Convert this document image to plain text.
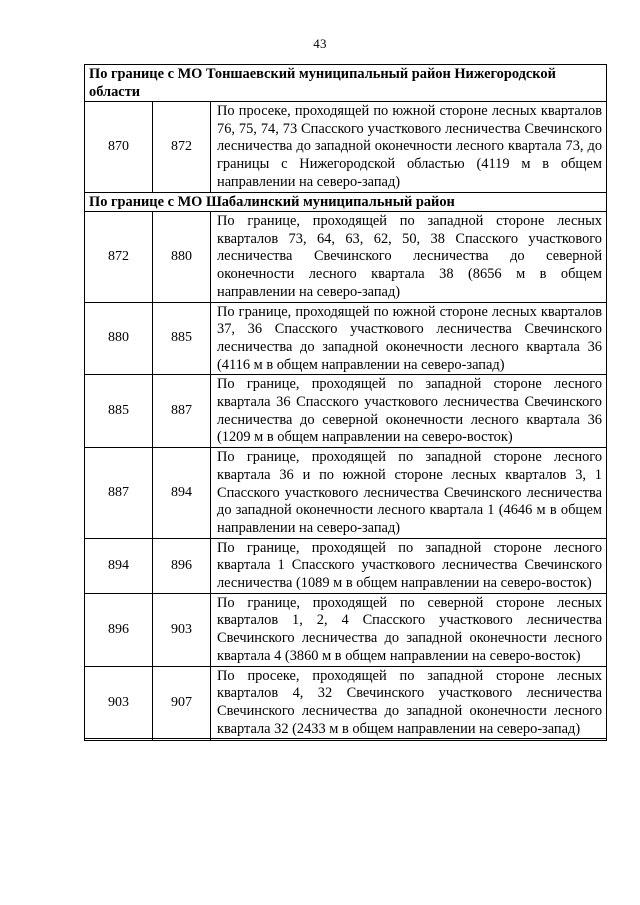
43
По границе с МО Тоншаевский муниципальный район Нижегородской области		
870	872	По просеке, проходящей по южной стороне лесных кварталов 76, 75, 74, 73 Спасского участкового лесничества Свечинского лесничества до западной оконечности лесного квартала 73, до границы с Нижегородской областью (4119 м в общем направлении на северо-запад)
По границе с МО Шабалинский муниципальный район		
872	880	По границе, проходящей по западной стороне лесных кварталов 73, 64, 63, 62, 50, 38 Спасского участкового лесничества Свечинского лесничества до северной оконечности лесного квартала 38 (8656 м в общем направлении на северо-запад)
880	885	По границе, проходящей по южной стороне лесных кварталов 37, 36 Спасского участкового лесничества Свечинского лесничества до западной оконечности лесного квартала 36 (4116 м в общем направлении на северо-запад)
885	887	По границе, проходящей по западной стороне лесного квартала 36 Спасского участкового лесничества Свечинского лесничества до северной оконечности лесного квартала 36 (1209 м в общем направлении на северо-восток)
887	894	По границе, проходящей по западной стороне лесного квартала 36 и по южной стороне лесных кварталов 3, 1 Спасского участкового лесничества Свечинского лесничества до западной оконечности лесного квартала 1 (4646 м в общем направлении на северо-запад)
894	896	По границе, проходящей по западной стороне лесного квартала 1 Спасского участкового лесничества Свечинского лесничества (1089 м в общем направлении на северо-восток)
896	903	По границе, проходящей по северной стороне лесных кварталов 1, 2, 4 Спасского участкового лесничества Свечинского лесничества до западной оконечности лесного квартала 4 (3860 м в общем направлении на северо-восток)
903	907	По просеке, проходящей по западной стороне лесных кварталов 4, 32 Свечинского участкового лесничества Свечинского лесничества до западной оконечности лесного квартала 32 (2433 м в общем направлении на северо-запад)
